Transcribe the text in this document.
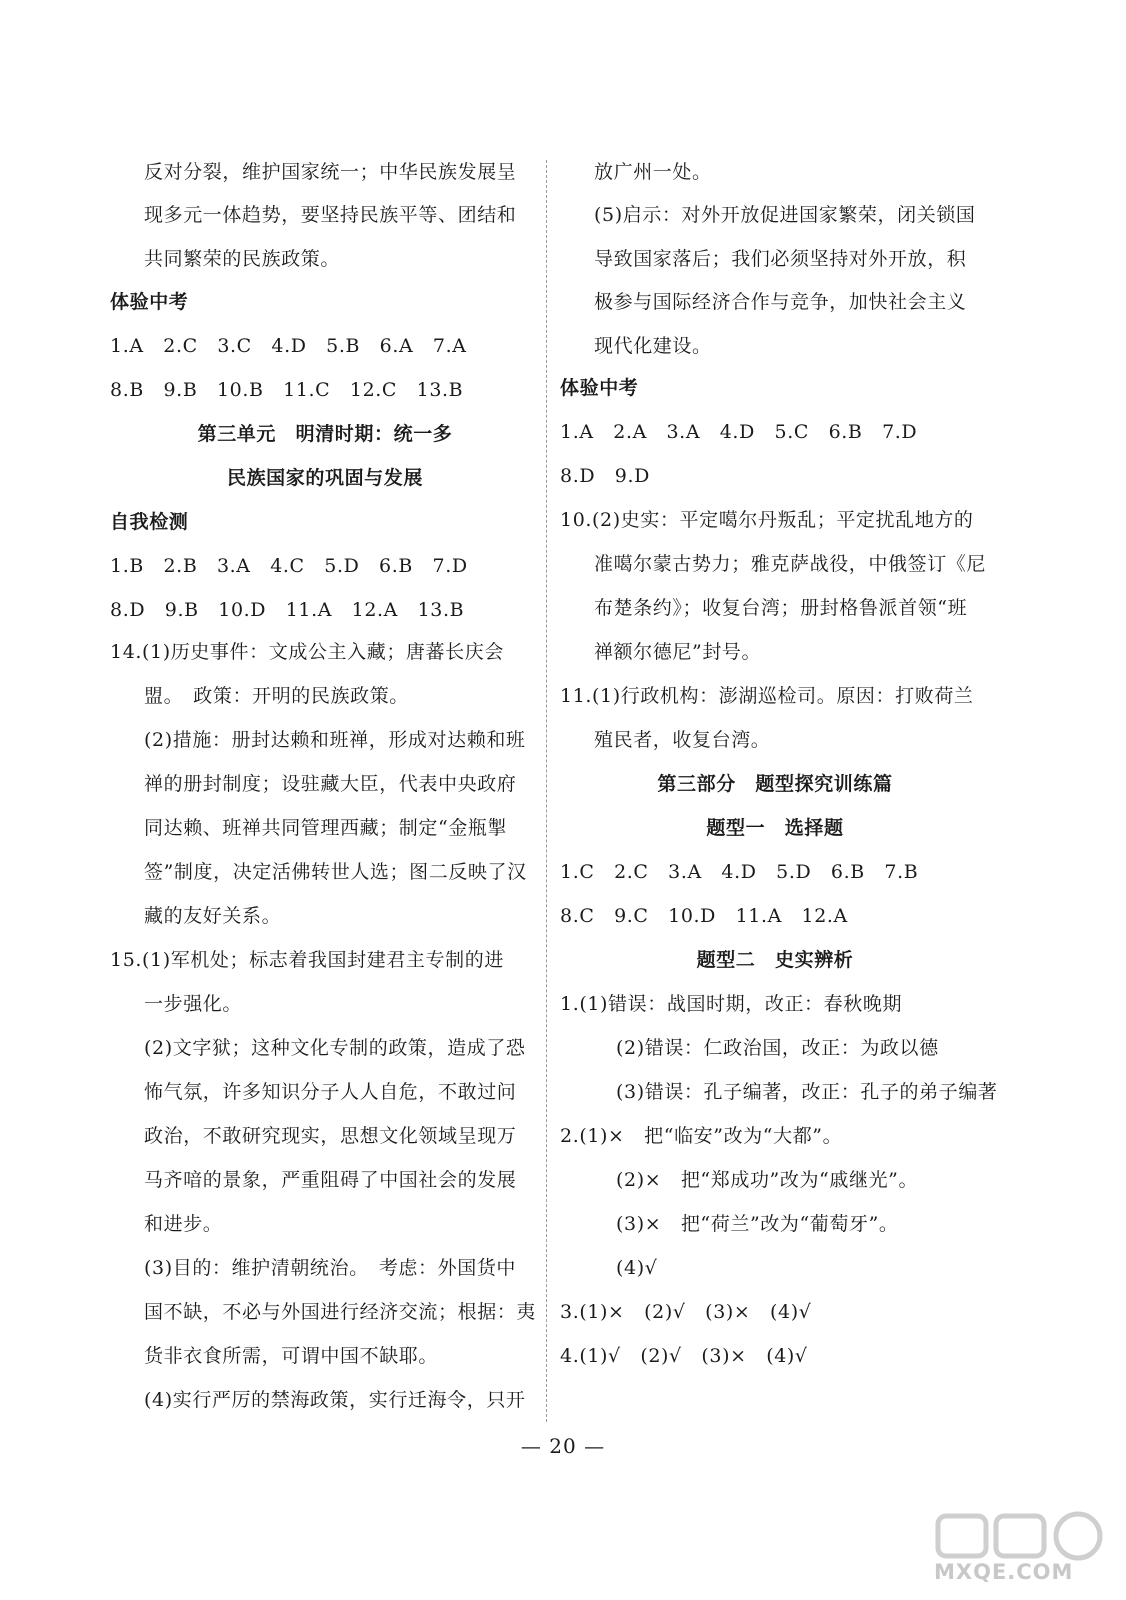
反对分裂，维护国家统一；中华民族发展呈
现多元一体趋势，要坚持民族平等、团结和
共同繁荣的民族政策。
体验中考
1.A　2.C　3.C　4.D　5.B　6.A　7.A
8.B　9.B　10.B　11.C　12.C　13.B
第三单元　明清时期：统一多
民族国家的巩固与发展
自我检测
1.B　2.B　3.A　4.C　5.D　6.B　7.D
8.D　9.B　10.D　11.A　12.A　13.B
14.(1)历史事件：文成公主入藏；唐蕃长庆会
盟。　政策：开明的民族政策。
(2)措施：册封达赖和班禅，形成对达赖和班
禅的册封制度；设驻藏大臣，代表中央政府
同达赖、班禅共同管理西藏；制定“金瓶掣
签”制度，决定活佛转世人选；图二反映了汉
藏的友好关系。
15.(1)军机处；标志着我国封建君主专制的进
一步强化。
(2)文字狱；这种文化专制的政策，造成了恐
怖气氛，许多知识分子人人自危，不敢过问
政治，不敢研究现实，思想文化领域呈现万
马齐喑的景象，严重阻碍了中国社会的发展
和进步。
(3)目的：维护清朝统治。　考虑：外国货中
国不缺，不必与外国进行经济交流；根据：夷
货非衣食所需，可谓中国不缺耶。
(4)实行严厉的禁海政策，实行迁海令，只开
放广州一处。
(5)启示：对外开放促进国家繁荣，闭关锁国
导致国家落后；我们必须坚持对外开放，积
极参与国际经济合作与竞争，加快社会主义
现代化建设。
体验中考
1.A　2.A　3.A　4.D　5.C　6.B　7.D
8.D　9.D
10.(2)史实：平定噶尔丹叛乱；平定扰乱地方的
准噶尔蒙古势力；雅克萨战役，中俄签订《尼
布楚条约》；收复台湾；册封格鲁派首领“班
禅额尔德尼”封号。
11.(1)行政机构：澎湖巡检司。原因：打败荷兰
殖民者，收复台湾。
第三部分　题型探究训练篇
题型一　选择题
1.C　2.C　3.A　4.D　5.D　6.B　7.B
8.C　9.C　10.D　11.A　12.A
题型二　史实辨析
1.(1)错误：战国时期，改正：春秋晚期
(2)错误：仁政治国，改正：为政以德
(3)错误：孔子编著，改正：孔子的弟子编著
2.(1)×　把“临安”改为“大都”。
(2)×　把“郑成功”改为“戚继光”。
(3)×　把“荷兰”改为“葡萄牙”。
(4)√
3.(1)×　(2)√　(3)×　(4)√
4.(1)√　(2)√　(3)×　(4)√
— 20 —
MXQE.COM
